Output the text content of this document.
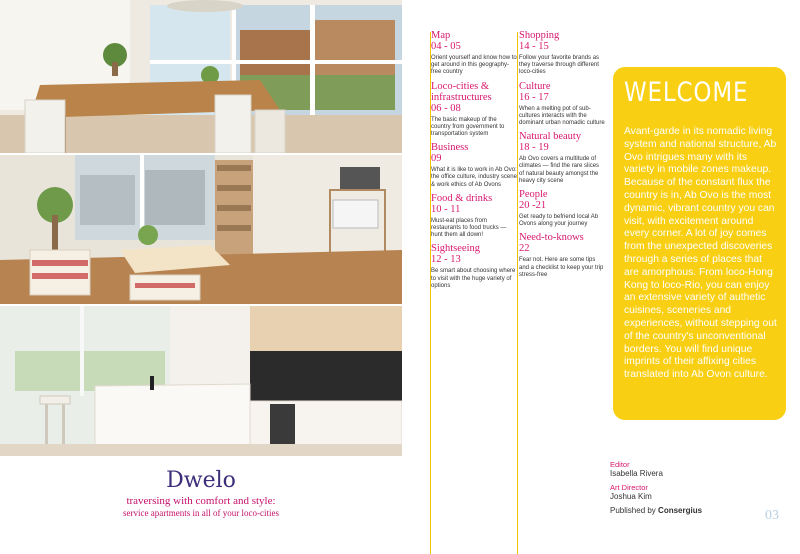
Dwelo
traversing with comfort and style:
service apartments in all of your loco-cities
Map
04 - 05
Orient yourself and know how to get around in this geography-free country
Loco-cities & infrastructures
06 - 08
The basic makeup of the country from government to transportation system
Business
09
What it is like to work in Ab Ovo: the office culture, industry scene & work ethics of Ab Ovons
Food & drinks
10 - 11
Must-eat places from restaurants to food trucks — hunt them all down!
Sightseeing
12 - 13
Be smart about choosing where to visit with the huge variety of options
Shopping
14 - 15
Follow your favorite brands as they traverse through different loco-cities
Culture
16 - 17
When a melting pot of sub-cultures interacts with the dominant urban nomadic culture
Natural beauty
18 - 19
Ab Ovo covers a multitude of climates — find the rare slices of natural beauty amongst the heavy city scene
People
20 -21
Get ready to befriend local Ab Ovons along your journey
Need-to-knows
22
Fear not. Here are some tips and a checklist to keep your trip stress-free
WELCOME
Avant-garde in its nomadic living system and national structure, Ab Ovo intrigues many with its variety in mobile zones makeup. Because of the constant flux the country is in, Ab Ovo is the most dynamic, vibrant country you can visit, with excitement around every corner. A lot of joy comes from the unexpected discoveries through a series of places that are amorphous. From loco-Hong Kong to loco-Rio, you can enjoy an extensive variety of authetic cuisines, sceneries and experiences, without stepping out of the country's unconventional borders. You will find unique imprints of their affixing cities translated into Ab Ovon culture.
Editor
Isabella Rivera
Art Director
Joshua Kim
Published by Consergius	03
